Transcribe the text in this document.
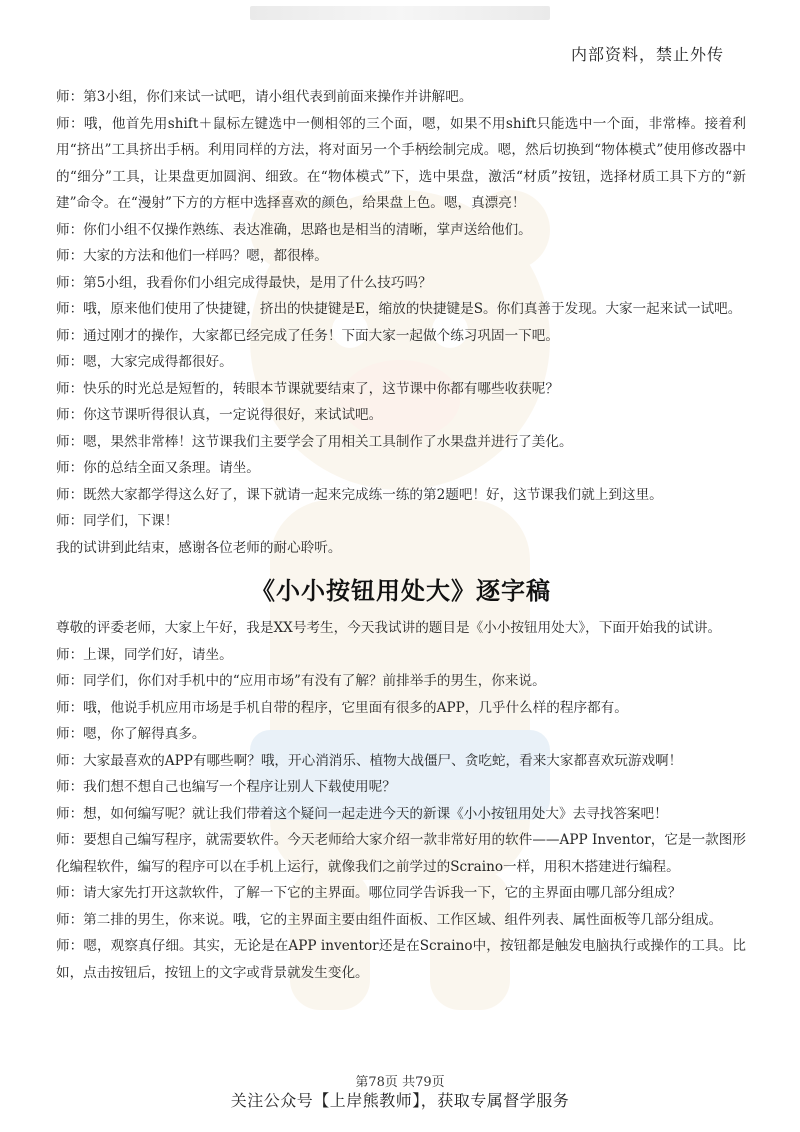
内部资料，禁止外传

师：第3小组，你们来试一试吧，请小组代表到前面来操作并讲解吧。

师：哦，他首先用shift＋鼠标左键选中一侧相邻的三个面，嗯，如果不用shift只能选中一个面，非常棒。接着利用“挤出”工具挤出手柄。利用同样的方法，将对面另一个手柄绘制完成。嗯，然后切换到“物体模式”使用修改器中的“细分”工具，让果盘更加圆润、细致。在“物体模式”下，选中果盘，激活“材质”按钮，选择材质工具下方的“新建”命令。在“漫射”下方的方框中选择喜欢的颜色，给果盘上色。嗯，真漂亮！

师：你们小组不仅操作熟练、表达准确，思路也是相当的清晰，掌声送给他们。

师：大家的方法和他们一样吗？嗯，都很棒。

师：第5小组，我看你们小组完成得最快，是用了什么技巧吗？

师：哦，原来他们使用了快捷键，挤出的快捷键是E，缩放的快捷键是S。你们真善于发现。大家一起来试一试吧。

师：通过刚才的操作，大家都已经完成了任务！下面大家一起做个练习巩固一下吧。

师：嗯，大家完成得都很好。

师：快乐的时光总是短暂的，转眼本节课就要结束了，这节课中你都有哪些收获呢？

师：你这节课听得很认真，一定说得很好，来试试吧。

师：嗯，果然非常棒！这节课我们主要学会了用相关工具制作了水果盘并进行了美化。

师：你的总结全面又条理。请坐。

师：既然大家都学得这么好了，课下就请一起来完成练一练的第2题吧！好，这节课我们就上到这里。

师：同学们，下课！

我的试讲到此结束，感谢各位老师的耐心聆听。

《小小按钮用处大》逐字稿

尊敬的评委老师，大家上午好，我是XX号考生，今天我试讲的题目是《小小按钮用处大》，下面开始我的试讲。

师：上课，同学们好，请坐。

师：同学们，你们对手机中的“应用市场”有没有了解？前排举手的男生，你来说。

师：哦，他说手机应用市场是手机自带的程序，它里面有很多的APP，几乎什么样的程序都有。

师：嗯，你了解得真多。

师：大家最喜欢的APP有哪些啊？哦，开心消消乐、植物大战僵尸、贪吃蛇，看来大家都喜欢玩游戏啊！

师：我们想不想自己也编写一个程序让别人下载使用呢？

师：想，如何编写呢？就让我们带着这个疑问一起走进今天的新课《小小按钮用处大》去寻找答案吧！

师：要想自己编写程序，就需要软件。今天老师给大家介绍一款非常好用的软件——APP Inventor，它是一款图形化编程软件，编写的程序可以在手机上运行，就像我们之前学过的Scraino一样，用积木搭建进行编程。

师：请大家先打开这款软件，了解一下它的主界面。哪位同学告诉我一下，它的主界面由哪几部分组成？

师：第二排的男生，你来说。哦，它的主界面主要由组件面板、工作区域、组件列表、属性面板等几部分组成。

师：嗯，观察真仔细。其实，无论是在APP inventor还是在Scraino中，按钮都是触发电脑执行或操作的工具。比如，点击按钮后，按钮上的文字或背景就发生变化。

第78页 共79页
关注公众号【上岸熊教师】，获取专属督学服务
